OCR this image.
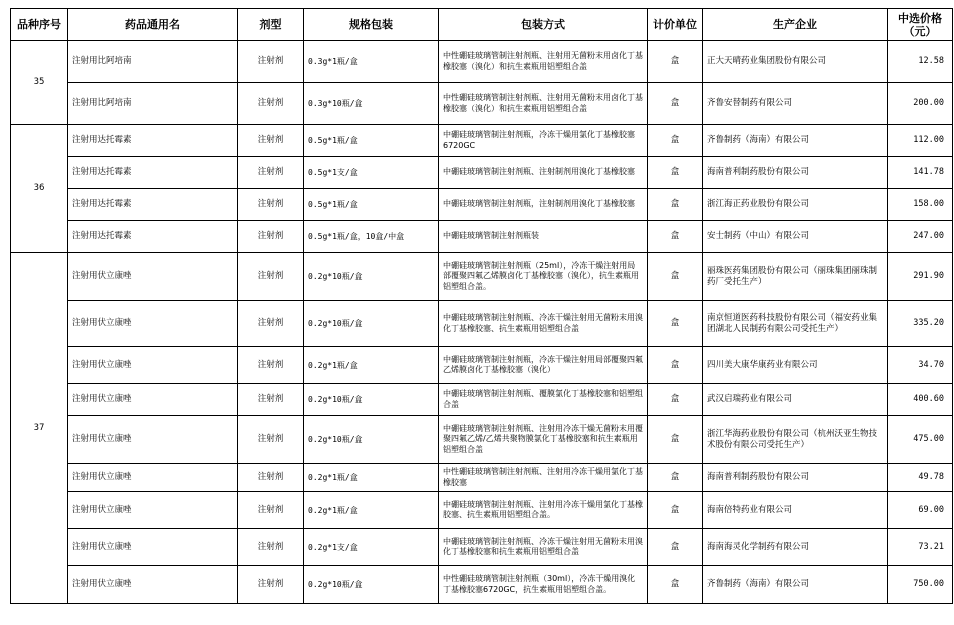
品种序号	药品通用名	剂型	规格包装	包装方式	计价单位	生产企业	中选价格
（元）
35	注射用比阿培南	注射剂	0.3g*1瓶/盒	中性硼硅玻璃管制注射剂瓶、注射用无菌粉末用卤化丁基橡胶塞（溴化）和抗生素瓶用铝塑组合盖	盒	正大天晴药业集团股份有限公司	12.58
	注射用比阿培南	注射剂	0.3g*10瓶/盒	中性硼硅玻璃管制注射剂瓶、注射用无菌粉末用卤化丁基橡胶塞（溴化）和抗生素瓶用铝塑组合盖	盒	齐鲁安替制药有限公司	200.00
36	注射用达托霉素	注射剂	0.5g*1瓶/盒	中硼硅玻璃管制注射剂瓶，冷冻干燥用氯化丁基橡胶塞6720GC	盒	齐鲁制药（海南）有限公司	112.00
	注射用达托霉素	注射剂	0.5g*1支/盒	中硼硅玻璃管制注射剂瓶、注射制剂用溴化丁基橡胶塞	盒	海南普利制药股份有限公司	141.78
	注射用达托霉素	注射剂	0.5g*1瓶/盒	中硼硅玻璃管制注射剂瓶，注射制剂用溴化丁基橡胶塞	盒	浙江海正药业股份有限公司	158.00
	注射用达托霉素	注射剂	0.5g*1瓶/盒，10盒/中盒	中硼硅玻璃管制注射剂瓶装	盒	安士制药（中山）有限公司	247.00
37	注射用伏立康唑	注射剂	0.2g*10瓶/盒	中硼硅玻璃管制注射剂瓶（25ml），冷冻干燥注射用局部覆聚四氟乙烯膜卤化丁基橡胶塞（溴化），抗生素瓶用铝塑组合盖。	盒	丽珠医药集团股份有限公司（丽珠集团丽珠制药厂受托生产）	291.90
	注射用伏立康唑	注射剂	0.2g*10瓶/盒	中硼硅玻璃管制注射剂瓶、冷冻干燥注射用无菌粉末用溴化丁基橡胶塞、抗生素瓶用铝塑组合盖	盒	南京恒道医药科技股份有限公司（福安药业集团湖北人民制药有限公司受托生产）	335.20
	注射用伏立康唑	注射剂	0.2g*1瓶/盒	中硼硅玻璃管制注射剂瓶，冷冻干燥注射用局部覆聚四氟乙烯膜卤化丁基橡胶塞（溴化）	盒	四川美大康华康药业有限公司	34.70
	注射用伏立康唑	注射剂	0.2g*10瓶/盒	中硼硅玻璃管制注射剂瓶、覆膜氯化丁基橡胶塞和铝塑组合盖	盒	武汉启瑞药业有限公司	400.60
	注射用伏立康唑	注射剂	0.2g*10瓶/盒	中硼硅玻璃管制注射剂瓶、注射用冷冻干燥无菌粉末用覆聚四氟乙烯/乙烯共聚物膜氯化丁基橡胶塞和抗生素瓶用铝塑组合盖	盒	浙江华海药业股份有限公司（杭州沃亚生物技术股份有限公司受托生产）	475.00
	注射用伏立康唑	注射剂	0.2g*1瓶/盒	中性硼硅玻璃管制注射剂瓶、注射用冷冻干燥用氯化丁基橡胶塞	盒	海南普利制药股份有限公司	49.78
	注射用伏立康唑	注射剂	0.2g*1瓶/盒	中硼硅玻璃管制注射剂瓶、注射用冷冻干燥用氯化丁基橡胶塞、抗生素瓶用铝塑组合盖。	盒	海南倍特药业有限公司	69.00
	注射用伏立康唑	注射剂	0.2g*1支/盒	中硼硅玻璃管制注射剂瓶、冷冻干燥注射用无菌粉末用溴化丁基橡胶塞和抗生素瓶用铝塑组合盖	盒	海南海灵化学制药有限公司	73.21
	注射用伏立康唑	注射剂	0.2g*10瓶/盒	中性硼硅玻璃管制注射剂瓶（30ml），冷冻干燥用溴化丁基橡胶塞6720GC，抗生素瓶用铝塑组合盖。	盒	齐鲁制药（海南）有限公司	750.00
